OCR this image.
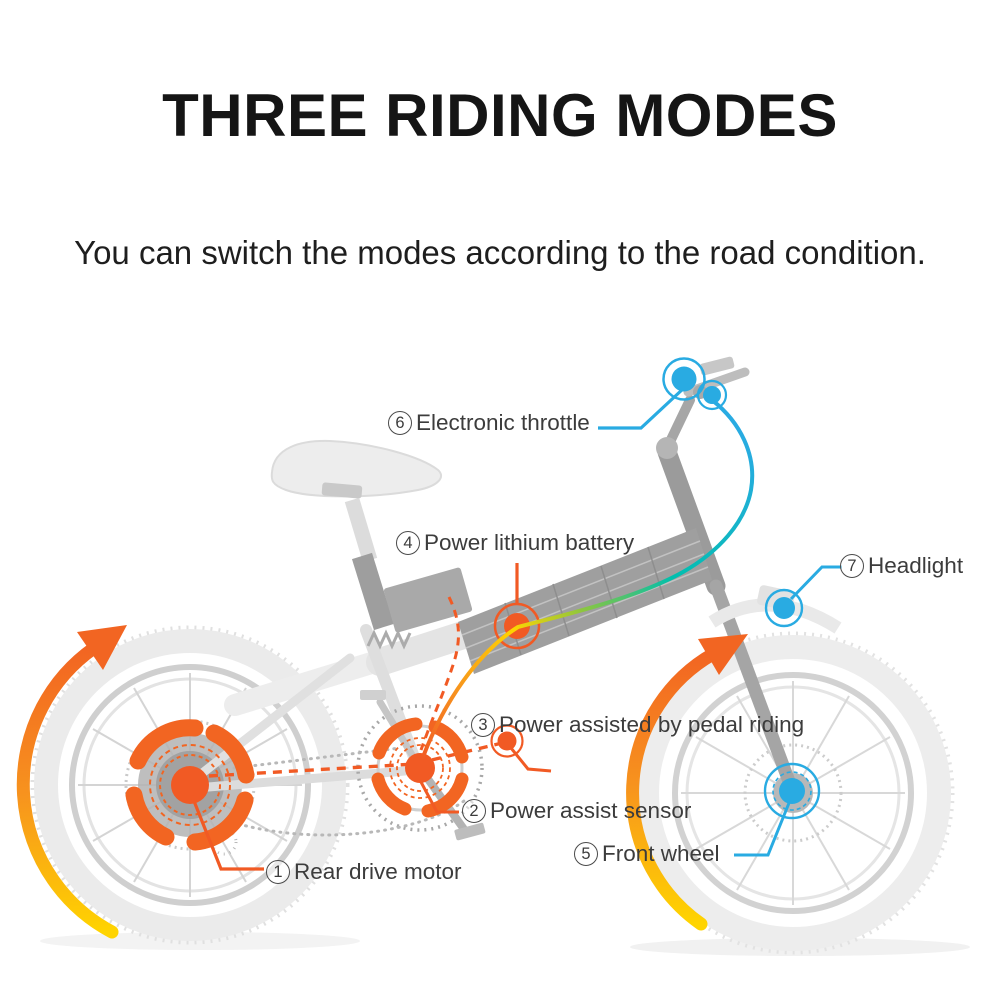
THREE RIDING MODES
You can switch the modes according to the road condition.
1 Rear drive motor
2 Power assist sensor
3 Power assisted by pedal riding
4 Power lithium battery
5 Front wheel
6 Electronic throttle
7 Headlight
